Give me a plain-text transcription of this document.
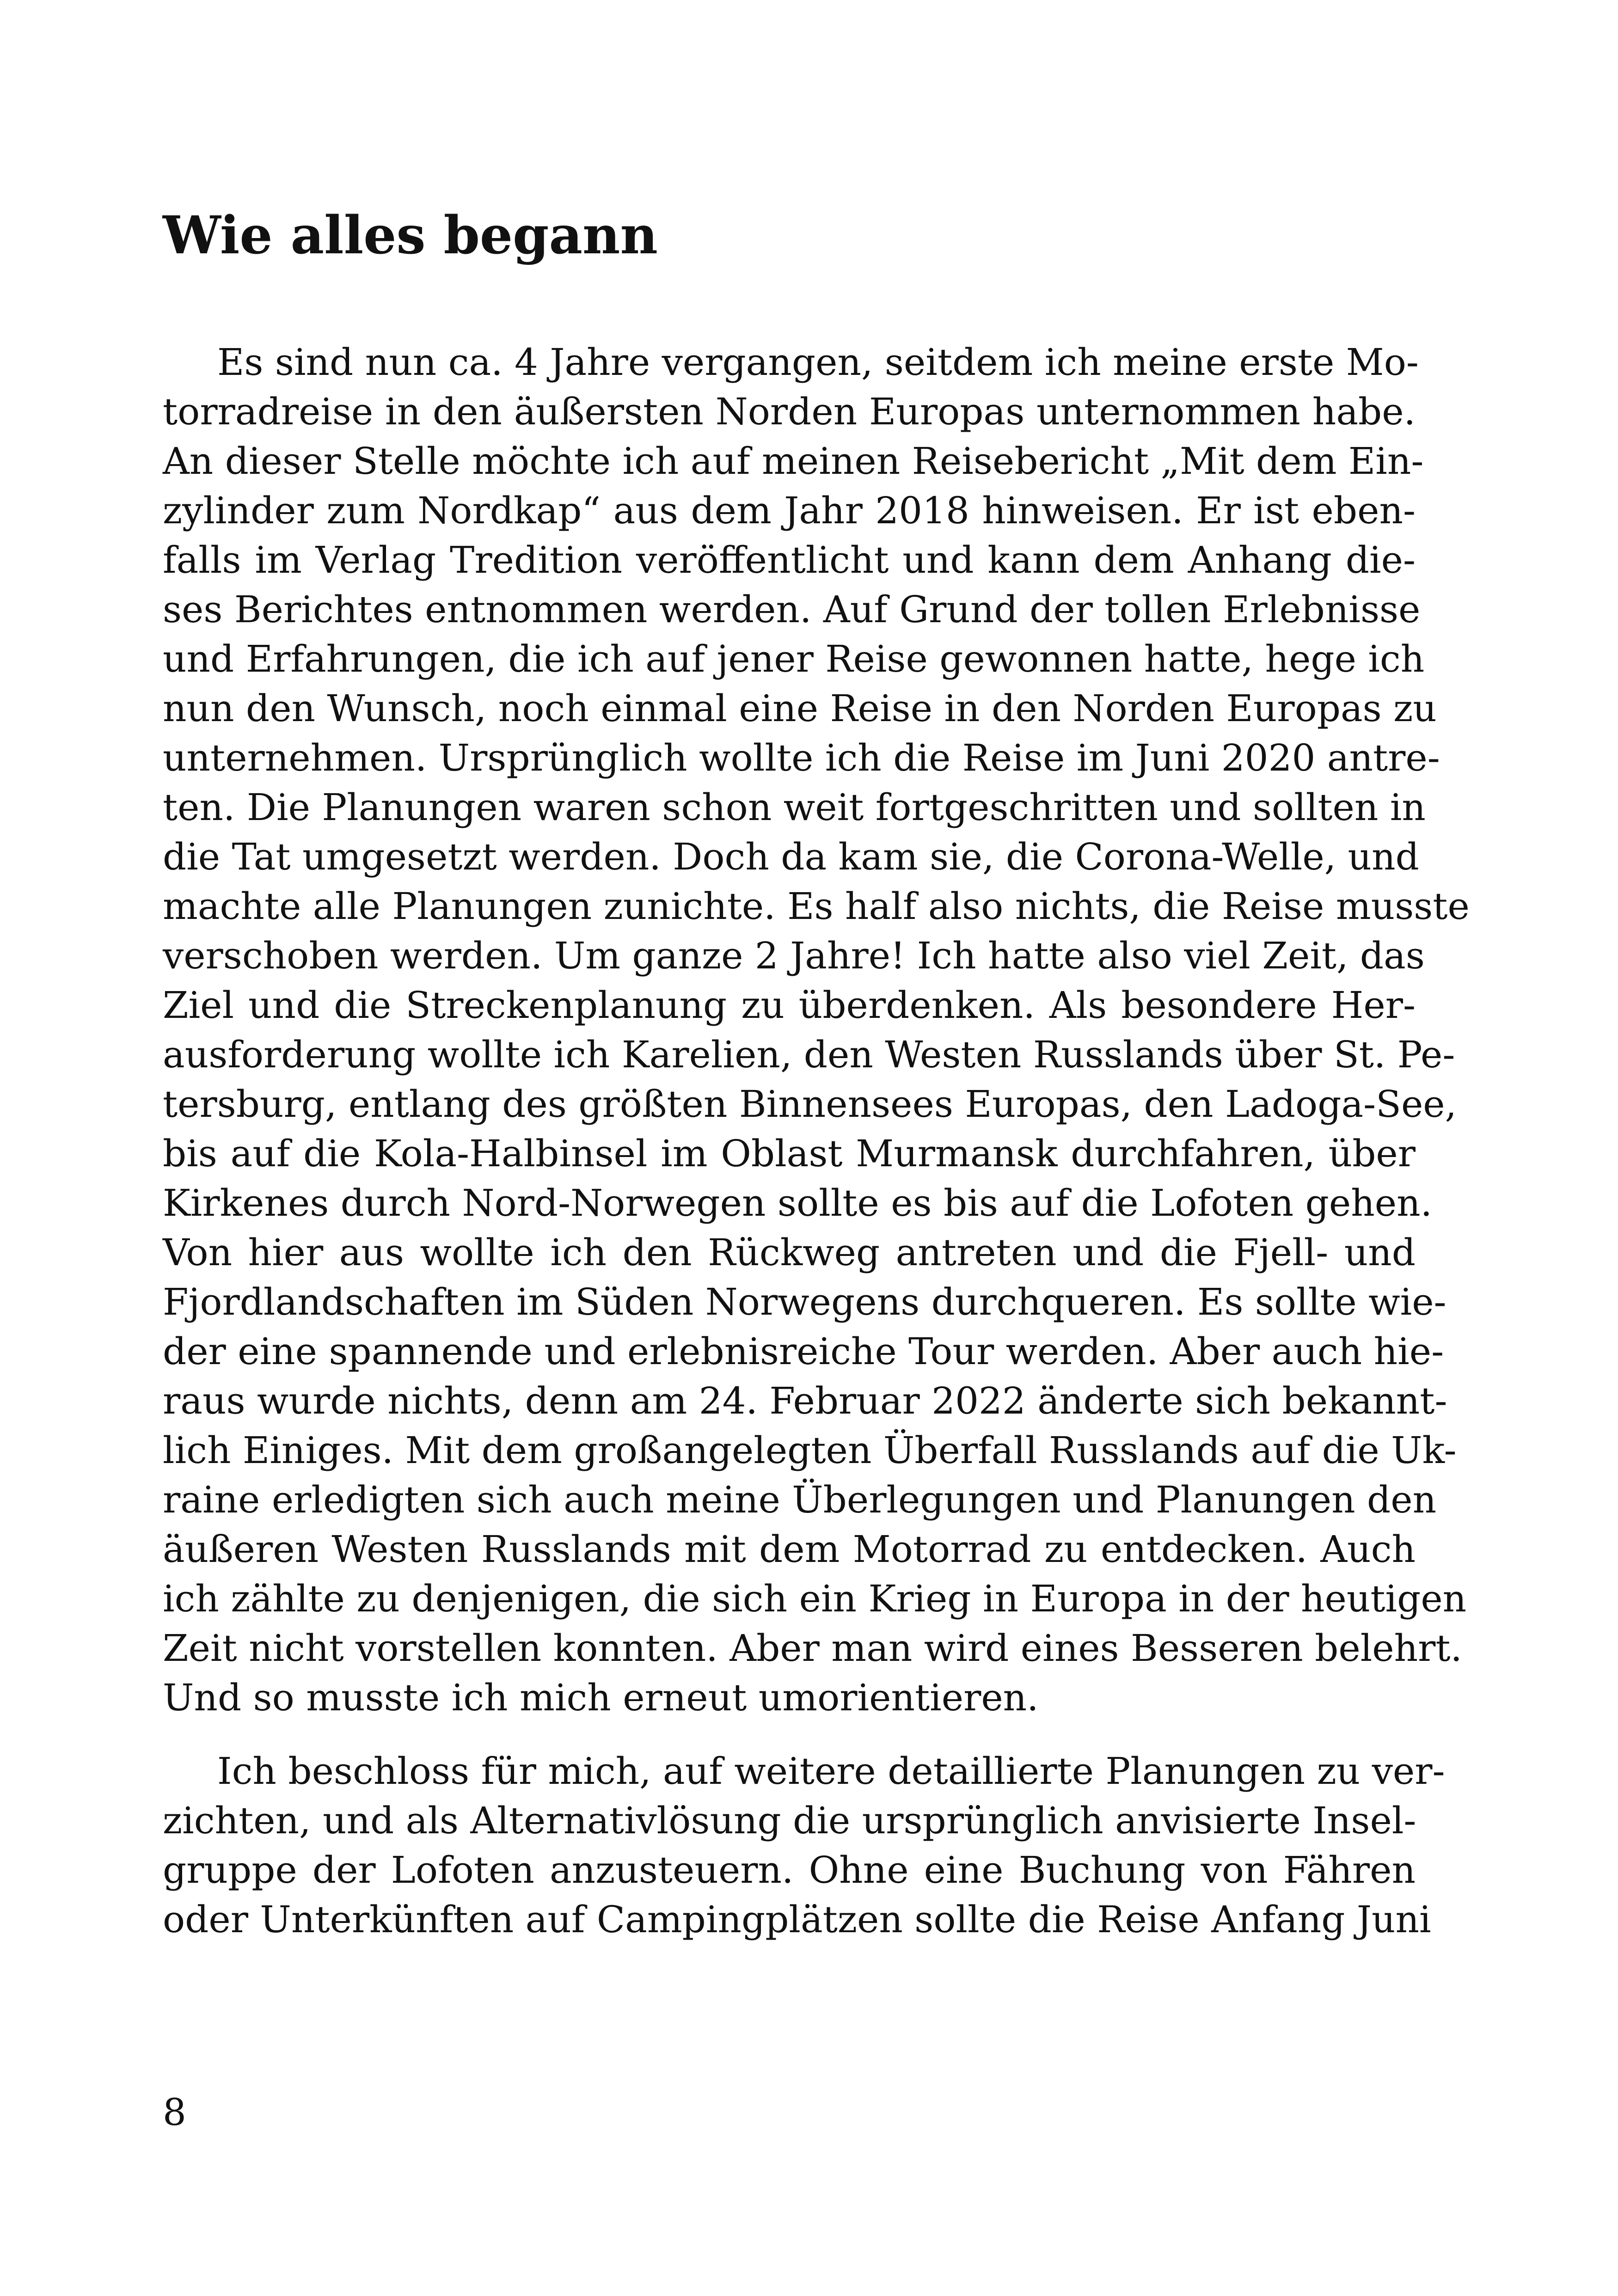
Wie alles begann
Es sind nun ca. 4 Jahre vergangen, seitdem ich meine erste Mo-
torradreise in den äußersten Norden Europas unternommen habe.
An dieser Stelle möchte ich auf meinen Reisebericht „Mit dem Ein-
zylinder zum Nordkap“ aus dem Jahr 2018 hinweisen. Er ist eben-
falls im Verlag Tredition veröffentlicht und kann dem Anhang die-
ses Berichtes entnommen werden. Auf Grund der tollen Erlebnisse
und Erfahrungen, die ich auf jener Reise gewonnen hatte, hege ich
nun den Wunsch, noch einmal eine Reise in den Norden Europas zu
unternehmen. Ursprünglich wollte ich die Reise im Juni 2020 antre-
ten. Die Planungen waren schon weit fortgeschritten und sollten in
die Tat umgesetzt werden. Doch da kam sie, die Corona-Welle, und
machte alle Planungen zunichte. Es half also nichts, die Reise musste
verschoben werden. Um ganze 2 Jahre! Ich hatte also viel Zeit, das
Ziel und die Streckenplanung zu überdenken. Als besondere Her-
ausforderung wollte ich Karelien, den Westen Russlands über St. Pe-
tersburg, entlang des größten Binnensees Europas, den Ladoga-See,
bis auf die Kola-Halbinsel im Oblast Murmansk durchfahren, über
Kirkenes durch Nord-Norwegen sollte es bis auf die Lofoten gehen.
Von hier aus wollte ich den Rückweg antreten und die Fjell- und
Fjordlandschaften im Süden Norwegens durchqueren. Es sollte wie-
der eine spannende und erlebnisreiche Tour werden. Aber auch hie-
raus wurde nichts, denn am 24. Februar 2022 änderte sich bekannt-
lich Einiges. Mit dem großangelegten Überfall Russlands auf die Uk-
raine erledigten sich auch meine Überlegungen und Planungen den
äußeren Westen Russlands mit dem Motorrad zu entdecken. Auch
ich zählte zu denjenigen, die sich ein Krieg in Europa in der heutigen
Zeit nicht vorstellen konnten. Aber man wird eines Besseren belehrt.
Und so musste ich mich erneut umorientieren.
Ich beschloss für mich, auf weitere detaillierte Planungen zu ver-
zichten, und als Alternativlösung die ursprünglich anvisierte Insel-
gruppe der Lofoten anzusteuern. Ohne eine Buchung von Fähren
oder Unterkünften auf Campingplätzen sollte die Reise Anfang Juni
8
